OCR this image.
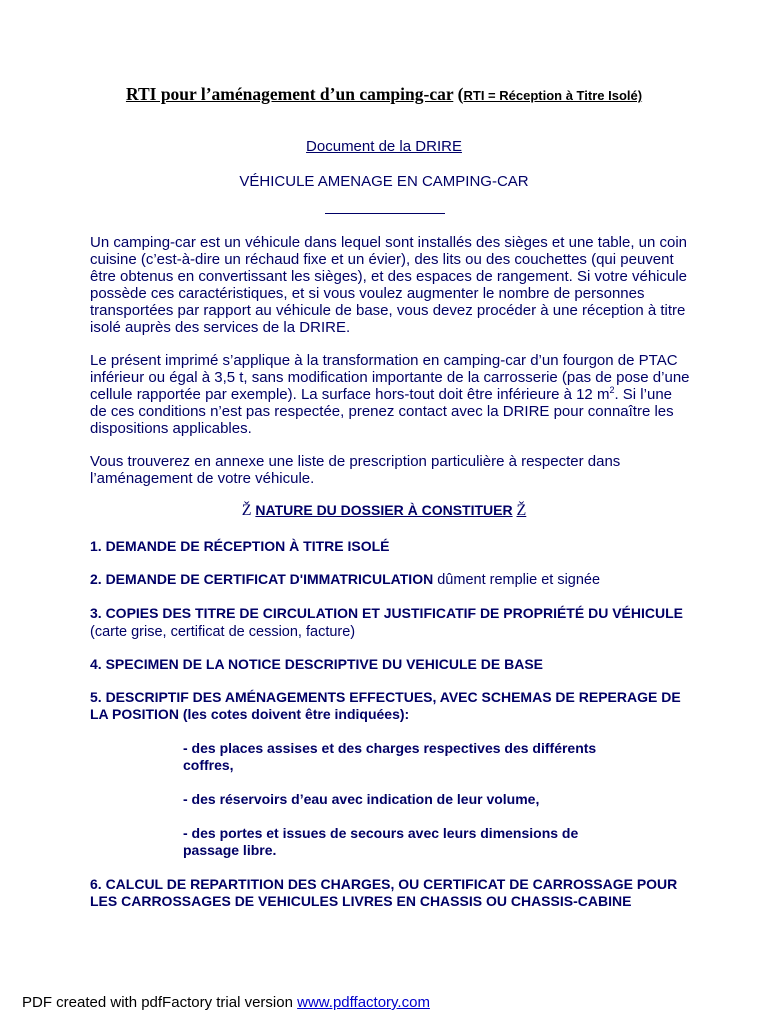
RTI pour l’aménagement d’un camping-car (RTI = Réception à Titre Isolé)
Document de la DRIRE
VÉHICULE AMENAGE EN CAMPING-CAR
Un camping-car est un véhicule dans lequel sont installés des sièges et une table, un coin cuisine (c’est-à-dire un réchaud fixe et un évier), des lits ou des couchettes (qui peuvent être obtenus en convertissant les sièges), et des espaces de rangement. Si votre véhicule possède ces caractéristiques, et si vous voulez augmenter le nombre de personnes transportées par rapport au véhicule de base, vous devez procéder à une réception à titre isolé auprès des services de la DRIRE.
Le présent imprimé s’applique à la transformation en camping-car d’un fourgon de PTAC inférieur ou égal à 3,5 t, sans modification importante de la carrosserie (pas de pose d’une cellule rapportée par exemple). La surface hors-tout doit être inférieure à 12 $m^2$. Si l’une de ces conditions n’est pas respectée, prenez contact avec la DRIRE pour connaître les dispositions applicables.
Vous trouverez en annexe une liste de prescription particulière à respecter dans l’aménagement de votre véhicule.
Ž NATURE DU DOSSIER À CONSTITUER Ž
1. DEMANDE DE RÉCEPTION À TITRE ISOLÉ
2. DEMANDE DE CERTIFICAT D'IMMATRICULATION dûment remplie et signée
3. COPIES DES TITRE DE CIRCULATION ET JUSTIFICATIF DE PROPRIÉTÉ DU VÉHICULE (carte grise, certificat de cession, facture)
4. SPECIMEN DE LA NOTICE DESCRIPTIVE DU VEHICULE DE BASE
5. DESCRIPTIF DES AMÉNAGEMENTS EFFECTUES, AVEC SCHEMAS DE REPERAGE DE LA POSITION (les cotes doivent être indiquées):
- des places assises et des charges respectives des différents coffres,
- des réservoirs d’eau avec indication de leur volume,
- des portes et issues de secours avec leurs dimensions de passage libre.
6. CALCUL DE REPARTITION DES CHARGES, OU CERTIFICAT DE CARROSSAGE POUR LES CARROSSAGES DE VEHICULES LIVRES EN CHASSIS OU CHASSIS-CABINE
PDF created with pdfFactory trial version www.pdffactory.com
